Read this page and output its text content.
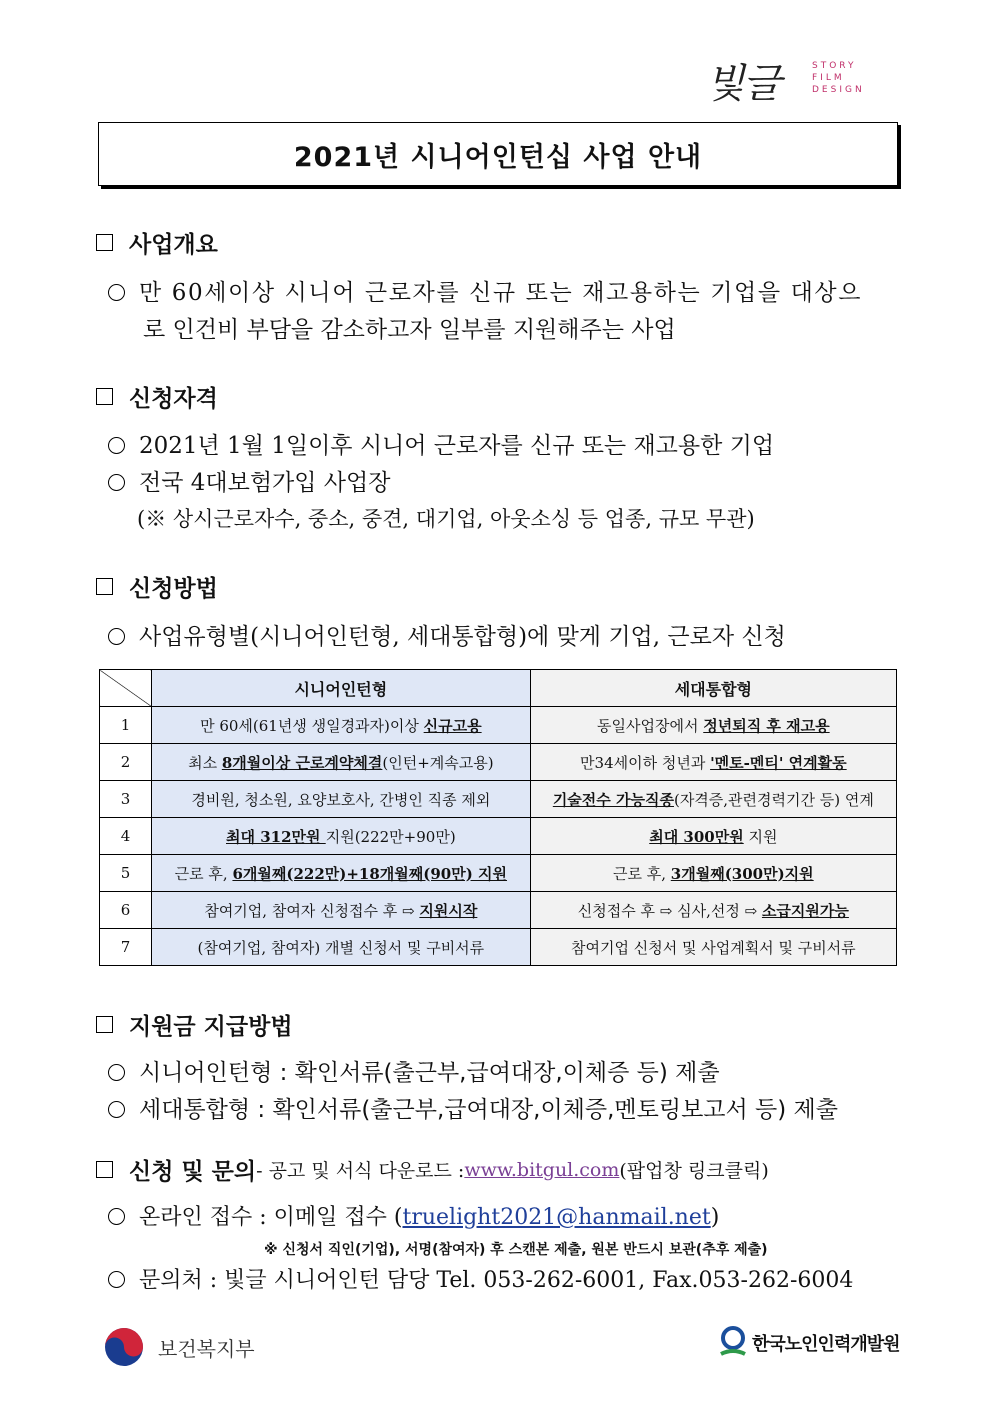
빛글	STORY
FILM
DESIGN
2021년 시니어인턴십 사업 안내
사업개요
만 60세이상 시니어 근로자를 신규 또는 재고용하는 기업을 대상으
로 인건비 부담을 감소하고자 일부를 지원해주는 사업
신청자격
2021년 1월 1일이후 시니어 근로자를 신규 또는 재고용한 기업
전국 4대보험가입 사업장
(※ 상시근로자수, 중소, 중견, 대기업, 아웃소싱 등 업종, 규모 무관)
신청방법
사업유형별(시니어인턴형, 세대통합형)에 맞게 기업, 근로자 신청
	시니어인턴형	세대통합형
1	만 60세(61년생 생일경과자)이상 신규고용	동일사업장에서 정년퇴직 후 재고용
2	최소 8개월이상 근로계약체결(인턴+계속고용)	만34세이하 청년과 '멘토-멘티' 연계활동
3	경비원, 청소원, 요양보호사, 간병인 직종 제외	기술전수 가능직종(자격증,관련경력기간 등) 연계
4	최대 312만원 지원(222만+90만)	최대 300만원 지원
5	근로 후, 6개월째(222만)+18개월째(90만) 지원	근로 후, 3개월째(300만)지원
6	참여기업, 참여자 신청접수 후 ⇨ 지원시작	신청접수 후 ⇨ 심사,선정 ⇨ 소급지원가능
7	(참여기업, 참여자) 개별 신청서 및 구비서류	참여기업 신청서 및 사업계획서 및 구비서류
지원금 지급방법
시니어인턴형 : 확인서류(출근부,급여대장,이체증 등) 제출
세대통합형 : 확인서류(출근부,급여대장,이체증,멘토링보고서 등) 제출
신청 및 문의 - 공고 및 서식 다운로드 : www.bitgul.com (팝업창 링크클릭)
온라인 접수 : 이메일 접수 (truelight2021@hanmail.net)
※ 신청서 직인(기업), 서명(참여자) 후 스캔본 제출, 원본 반드시 보관(추후 제출)
문의처 : 빛글 시니어인턴 담당 Tel. 053-262-6001, Fax.053-262-6004
보건복지부	한국노인인력개발원
